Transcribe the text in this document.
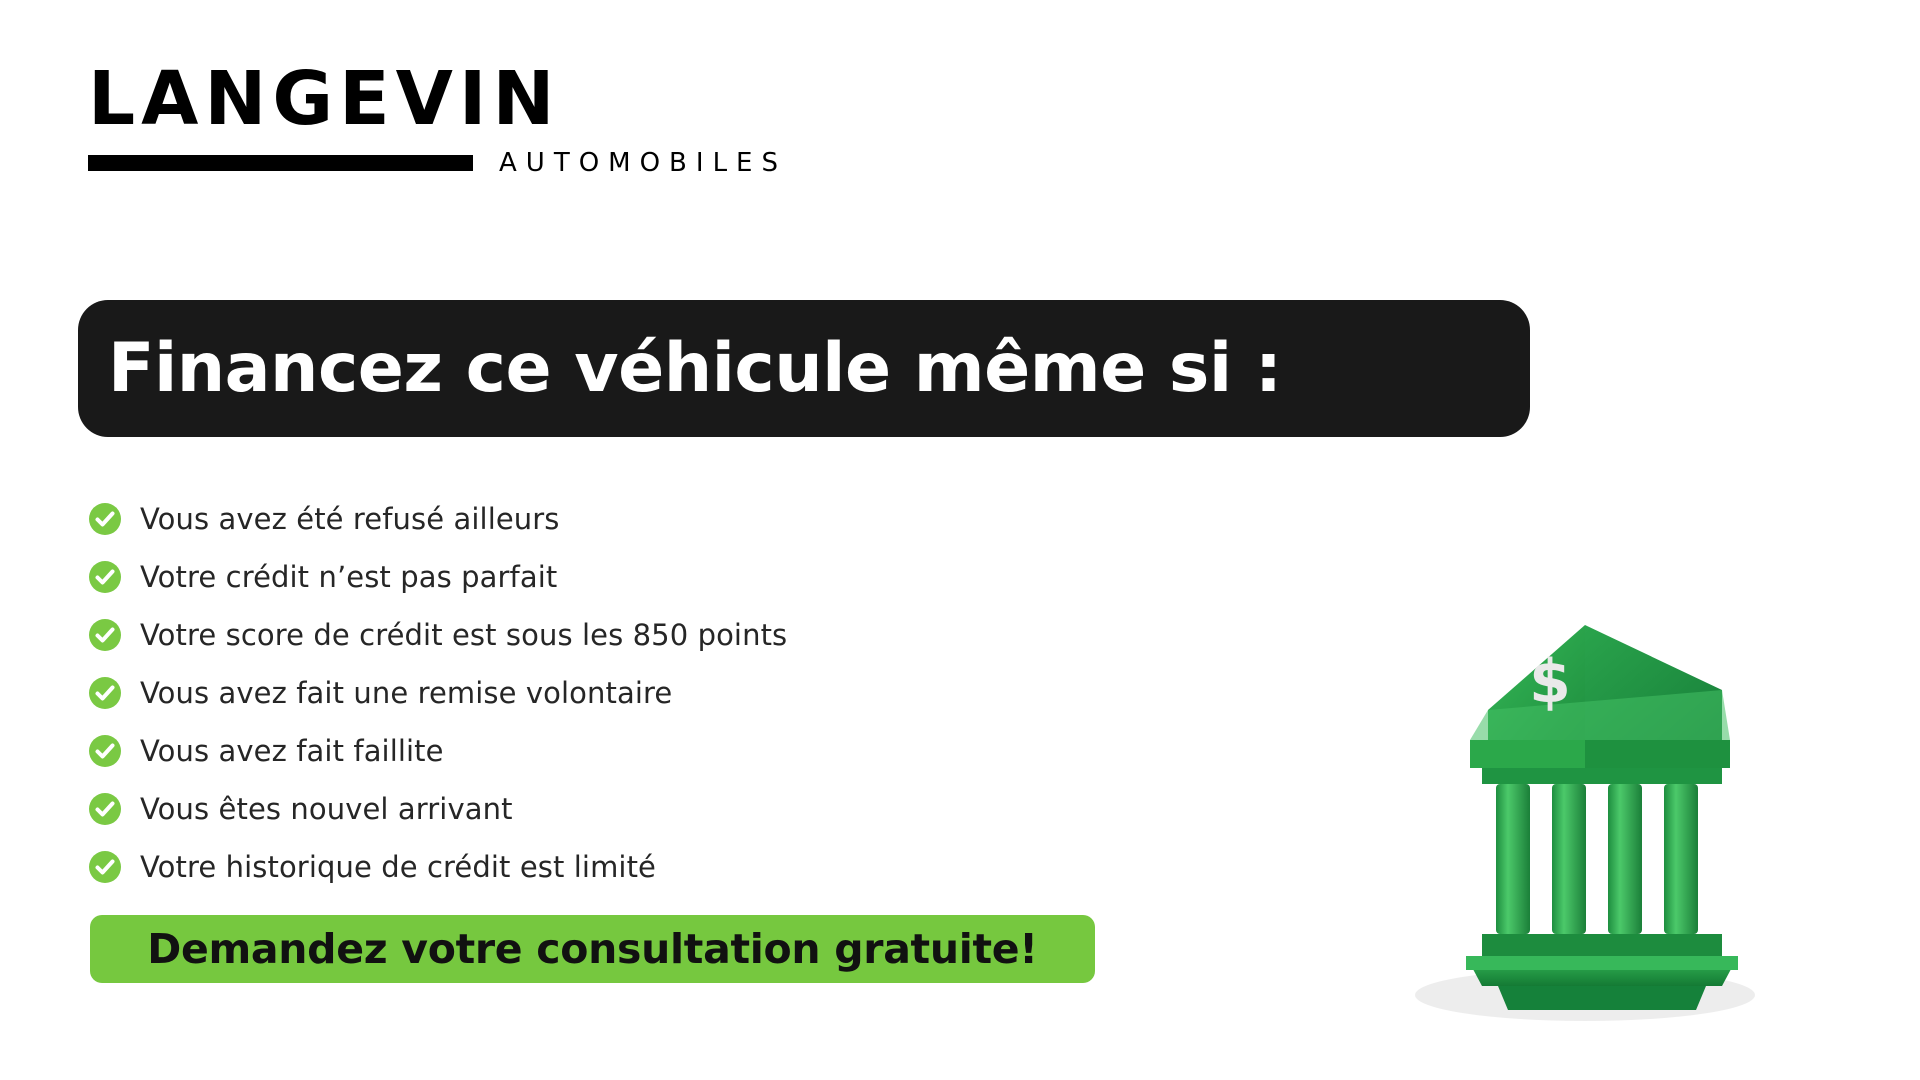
LANGEVIN
AUTOMOBILES
Financez ce véhicule même si :
Vous avez été refusé ailleurs
Votre crédit n’est pas parfait
Votre score de crédit est sous les 850 points
Vous avez fait une remise volontaire
Vous avez fait faillite
Vous êtes nouvel arrivant
Votre historique de crédit est limité
Demandez votre consultation gratuite!
$
